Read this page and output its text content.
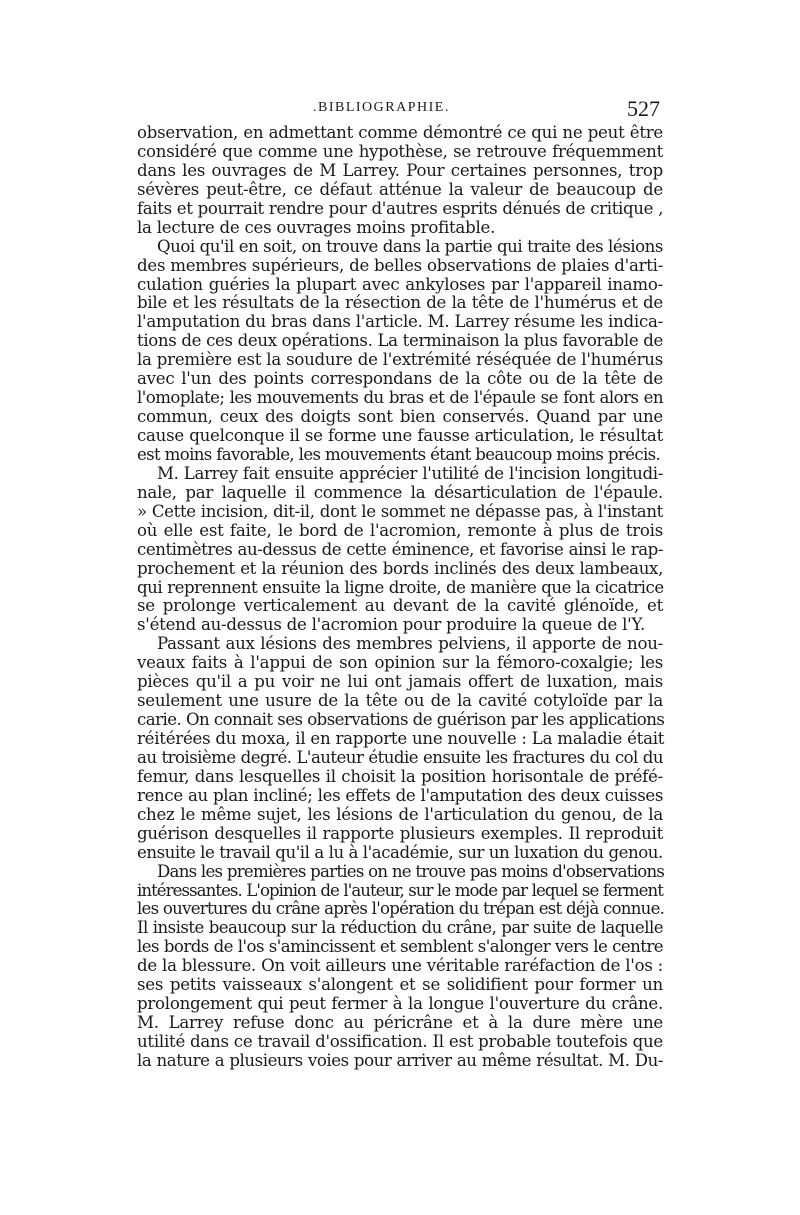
.BIBLIOGRAPHIE.	527
observation, en admettant comme démontré ce qui ne peut être
considéré que comme une hypothèse, se retrouve fréquemment
dans les ouvrages de M Larrey. Pour certaines personnes, trop
sévères peut-être, ce défaut atténue la valeur de beaucoup de
faits et pourrait rendre pour d'autres esprits dénués de critique ,
la lecture de ces ouvrages moins profitable.
Quoi qu'il en soit, on trouve dans la partie qui traite des lésions
des membres supérieurs, de belles observations de plaies d'arti-
culation guéries la plupart avec ankyloses par l'appareil inamo-
bile et les résultats de la résection de la tête de l'humérus et de
l'amputation du bras dans l'article. M. Larrey résume les indica-
tions de ces deux opérations. La terminaison la plus favorable de
la première est la soudure de l'extrémité réséquée de l'humérus
avec l'un des points correspondans de la côte ou de la tête de
l'omoplate; les mouvements du bras et de l'épaule se font alors en
commun, ceux des doigts sont bien conservés. Quand par une
cause quelconque il se forme une fausse articulation, le résultat
est moins favorable, les mouvements étant beaucoup moins précis.
M. Larrey fait ensuite apprécier l'utilité de l'incision longitudi-
nale, par laquelle il commence la désarticulation de l'épaule.
» Cette incision, dit-il, dont le sommet ne dépasse pas, à l'instant
où elle est faite, le bord de l'acromion, remonte à plus de trois
centimètres au-dessus de cette éminence, et favorise ainsi le rap-
prochement et la réunion des bords inclinés des deux lambeaux,
qui reprennent ensuite la ligne droite, de manière que la cicatrice
se prolonge verticalement au devant de la cavité glénoïde, et
s'étend au-dessus de l'acromion pour produire la queue de l'Y.
Passant aux lésions des membres pelviens, il apporte de nou-
veaux faits à l'appui de son opinion sur la fémoro-coxalgie; les
pièces qu'il a pu voir ne lui ont jamais offert de luxation, mais
seulement une usure de la tête ou de la cavité cotyloïde par la
carie. On connait ses observations de guérison par les applications
réitérées du moxa, il en rapporte une nouvelle : La maladie était
au troisième degré. L'auteur étudie ensuite les fractures du col du
femur, dans lesquelles il choisit la position horisontale de préfé-
rence au plan incliné; les effets de l'amputation des deux cuisses
chez le même sujet, les lésions de l'articulation du genou, de la
guérison desquelles il rapporte plusieurs exemples. Il reproduit
ensuite le travail qu'il a lu à l'académie, sur un luxation du genou.
Dans les premières parties on ne trouve pas moins d'observations
intéressantes. L'opinion de l'auteur, sur le mode par lequel se ferment
les ouvertures du crâne après l'opération du trépan est déjà connue.
Il insiste beaucoup sur la réduction du crâne, par suite de laquelle
les bords de l'os s'amincissent et semblent s'alonger vers le centre
de la blessure. On voit ailleurs une véritable raréfaction de l'os :
ses petits vaisseaux s'alongent et se solidifient pour former un
prolongement qui peut fermer à la longue l'ouverture du crâne.
M. Larrey refuse donc au péricrâne et à la dure mère une
utilité dans ce travail d'ossification. Il est probable toutefois que
la nature a plusieurs voies pour arriver au même résultat. M. Du-
